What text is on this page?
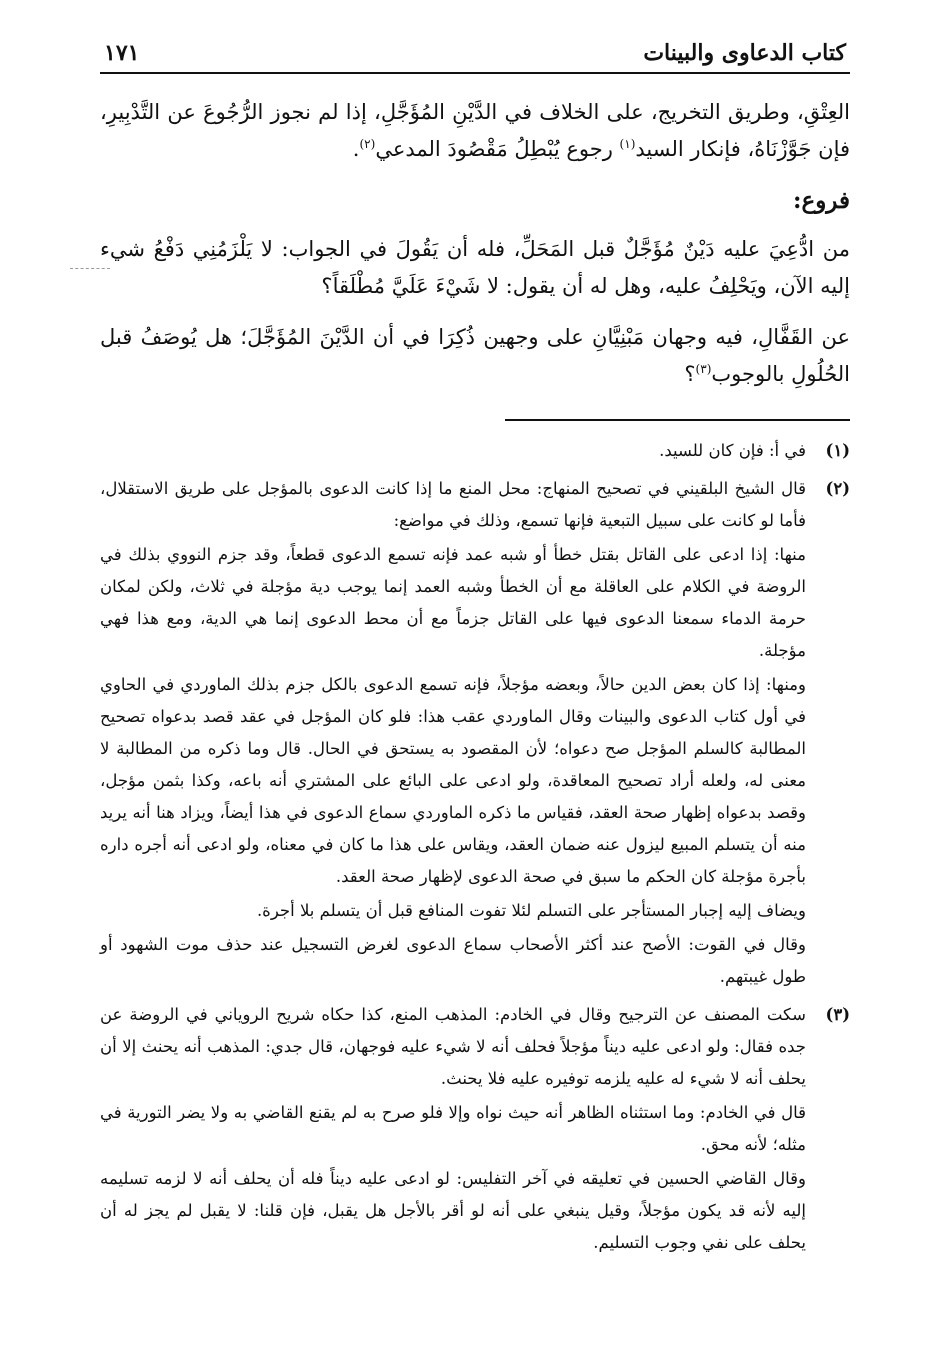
كتاب الدعاوى والبينات
١٧١

العِتْقِ، وطريق التخريج، على الخلاف في الدَّيْنِ المُؤَجَّلِ، إذا لم نجوز الرُّجُوعَ عن التَّدْبِيرِ، فإن جَوَّزْنَاهُ، فإنكار السيد$^{(١)}$ رجوع يُبْطِلُ مَقْصُودَ المدعي$^{(٢)}$.

فروع:

من ادُّعِيَ عليه دَيْنٌ مُؤَجَّلٌ قبل المَحَلِّ، فله أن يَقُولَ في الجواب: لا يَلْزَمُنِي دَفْعُ شيء إليه الآن، ويَحْلِفُ عليه، وهل له أن يقول: لا شَيْءَ عَلَيَّ مُطْلَقاً؟

عن القَفَّالِ، فيه وجهان مَبْنِيَّانِ على وجهين ذُكِرَا في أن الدَّيْنَ المُؤَجَّلَ؛ هل يُوصَفُ قبل الحُلُولِ بالوجوب$^{(٣)}$؟

(١)

في أ: فإن كان للسيد.

(٢)

قال الشيخ البلقيني في تصحيح المنهاج: محل المنع ما إذا كانت الدعوى بالمؤجل على طريق الاستقلال، فأما لو كانت على سبيل التبعية فإنها تسمع، وذلك في مواضع:

منها: إذا ادعى على القاتل بقتل خطأ أو شبه عمد فإنه تسمع الدعوى قطعاً، وقد جزم النووي بذلك في الروضة في الكلام على العاقلة مع أن الخطأ وشبه العمد إنما يوجب دية مؤجلة في ثلاث، ولكن لمكان حرمة الدماء سمعنا الدعوى فيها على القاتل جزماً مع أن محط الدعوى إنما هي الدية، ومع هذا فهي مؤجلة.

ومنها: إذا كان بعض الدين حالاً، وبعضه مؤجلاً، فإنه تسمع الدعوى بالكل جزم بذلك الماوردي في الحاوي في أول كتاب الدعوى والبينات وقال الماوردي عقب هذا: فلو كان المؤجل في عقد قصد بدعواه تصحيح المطالبة كالسلم المؤجل صح دعواه؛ لأن المقصود به يستحق في الحال. قال وما ذكره من المطالبة لا معنى له، ولعله أراد تصحيح المعاقدة، ولو ادعى على البائع على المشتري أنه باعه، وكذا بثمن مؤجل، وقصد بدعواه إظهار صحة العقد، فقياس ما ذكره الماوردي سماع الدعوى في هذا أيضاً، ويزاد هنا أنه يريد منه أن يتسلم المبيع ليزول عنه ضمان العقد، ويقاس على هذا ما كان في معناه، ولو ادعى أنه أجره داره بأجرة مؤجلة كان الحكم ما سبق في صحة الدعوى لإظهار صحة العقد.

ويضاف إليه إجبار المستأجر على التسلم لئلا تفوت المنافع قبل أن يتسلم بلا أجرة.

وقال في القوت: الأصح عند أكثر الأصحاب سماع الدعوى لغرض التسجيل عند حذف موت الشهود أو طول غيبتهم.

(٣)

سكت المصنف عن الترجيح وقال في الخادم: المذهب المنع، كذا حكاه شريح الروياني في الروضة عن جده فقال: ولو ادعى عليه ديناً مؤجلاً فحلف أنه لا شيء عليه فوجهان، قال جدي: المذهب أنه يحنث إلا أن يحلف أنه لا شيء له عليه يلزمه توفيره عليه فلا يحنث.

قال في الخادم: وما استثناه الظاهر أنه حيث نواه وإلا فلو صرح به لم يقنع القاضي به ولا يضر التورية في مثله؛ لأنه محق.

وقال القاضي الحسين في تعليقه في آخر التفليس: لو ادعى عليه ديناً فله أن يحلف أنه لا لزمه تسليمه إليه لأنه قد يكون مؤجلاً، وقيل ينبغي على أنه لو أقر بالأجل هل يقبل، فإن قلنا: لا يقبل لم يجز له أن يحلف على نفي وجوب التسليم.
